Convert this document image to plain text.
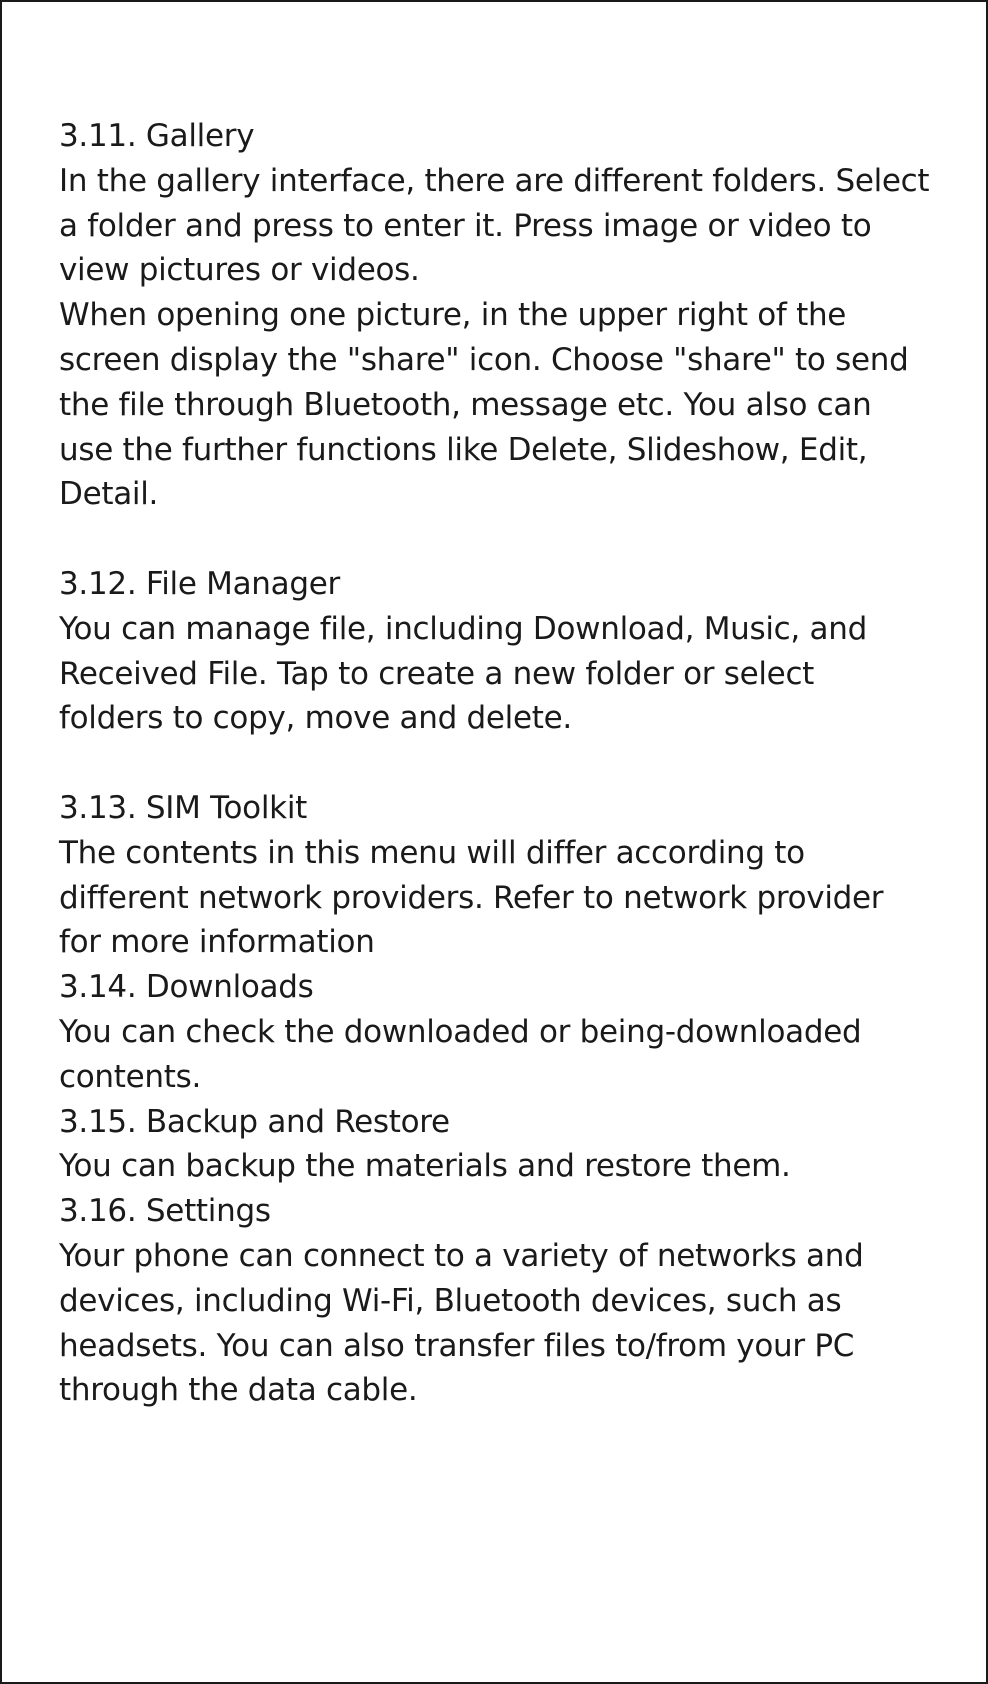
3.11. Gallery

In the gallery interface, there are different folders. Select

a folder and press to enter it. Press image or video to

view pictures or videos.

When opening one picture, in the upper right of the

screen display the "share" icon. Choose "share" to send

the file through Bluetooth, message etc. You also can

use the further functions like Delete, Slideshow, Edit,

Detail.

3.12. File Manager

You can manage file, including Download, Music, and

Received File. Tap to create a new folder or select

folders to copy, move and delete.

3.13. SIM Toolkit

The contents in this menu will differ according to

different network providers. Refer to network provider

for more information

3.14. Downloads

You can check the downloaded or being-downloaded

contents.

3.15. Backup and Restore

You can backup the materials and restore them.

3.16. Settings

Your phone can connect to a variety of networks and

devices, including Wi-Fi, Bluetooth devices, such as

headsets. You can also transfer files to/from your PC

through the data cable.
